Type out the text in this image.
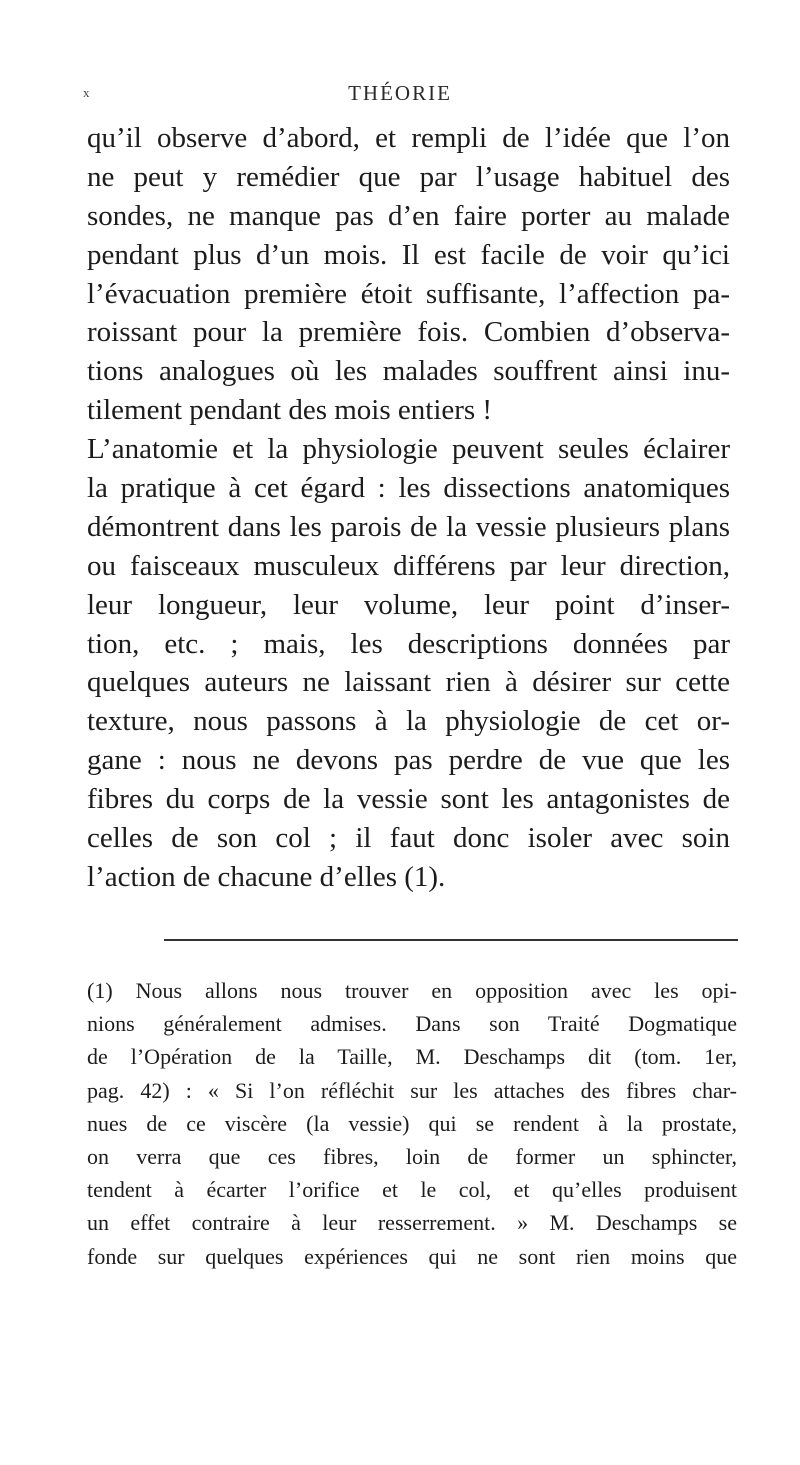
x	THÉORIE
qu’il observe d’abord, et rempli de l’idée que l’on
ne peut y remédier que par l’usage habituel des
sondes, ne manque pas d’en faire porter au malade
pendant plus d’un mois. Il est facile de voir qu’ici
l’évacuation première étoit suffisante, l’affection pa-
roissant pour la première fois. Combien d’observa-
tions analogues où les malades souffrent ainsi inu-
tilement pendant des mois entiers !
L’anatomie et la physiologie peuvent seules éclairer
la pratique à cet égard : les dissections anatomiques
démontrent dans les parois de la vessie plusieurs plans
ou faisceaux musculeux différens par leur direction,
leur longueur, leur volume, leur point d’inser-
tion, etc. ; mais, les descriptions données par
quelques auteurs ne laissant rien à désirer sur cette
texture, nous passons à la physiologie de cet or-
gane : nous ne devons pas perdre de vue que les
fibres du corps de la vessie sont les antagonistes de
celles de son col ; il faut donc isoler avec soin
l’action de chacune d’elles (1).
(1) Nous allons nous trouver en opposition avec les opi-
nions généralement admises. Dans son Traité Dogmatique
de l’Opération de la Taille, M. Deschamps dit (tom. 1er,
pag. 42) : « Si l’on réfléchit sur les attaches des fibres char-
nues de ce viscère (la vessie) qui se rendent à la prostate,
on verra que ces fibres, loin de former un sphincter,
tendent à écarter l’orifice et le col, et qu’elles produisent
un effet contraire à leur resserrement. » M. Deschamps se
fonde sur quelques expériences qui ne sont rien moins que
